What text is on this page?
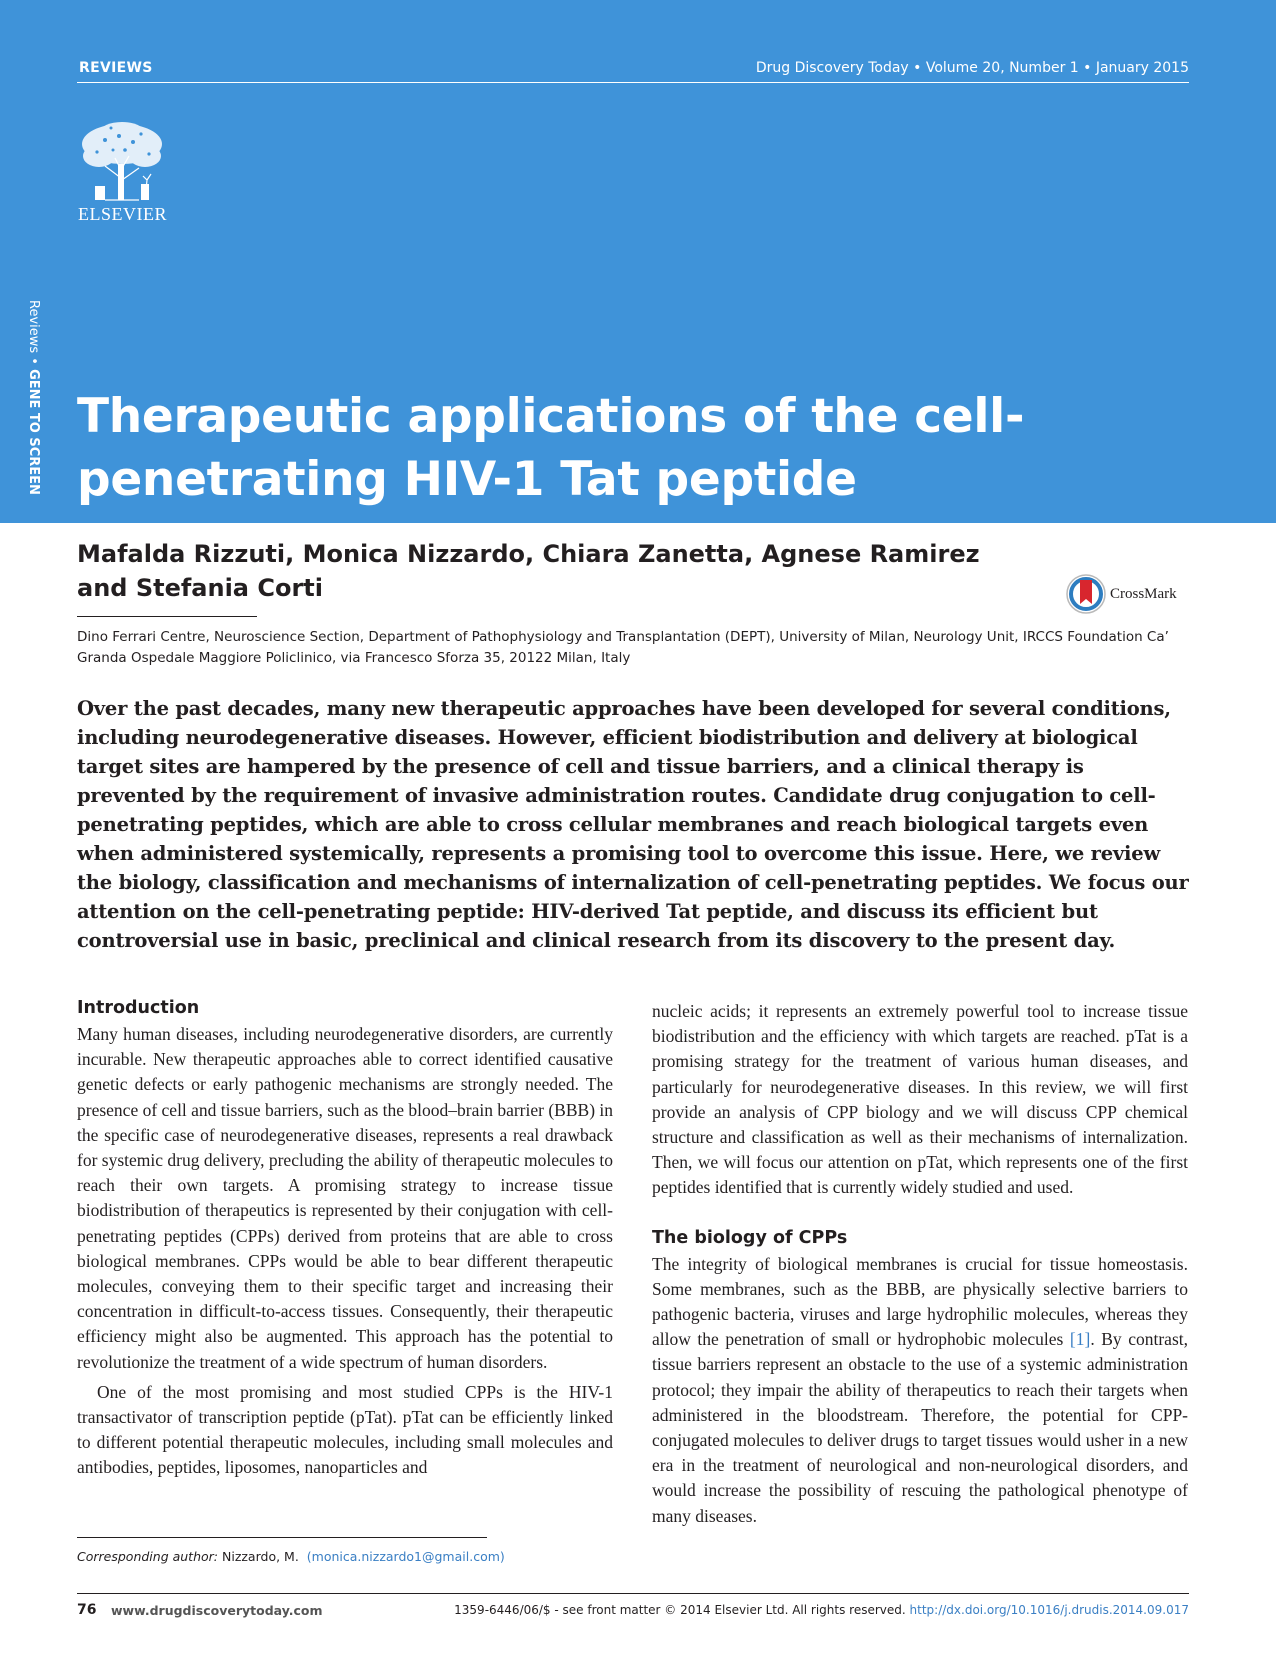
REVIEWS	Drug Discovery Today • Volume 20, Number 1 • January 2015
ELSEVIER
Reviews • GENE TO SCREEN Therapeutic applications of the cell-penetrating HIV-1 Tat peptide
Mafalda Rizzuti, Monica Nizzardo, Chiara Zanetta, Agnese Ramirez and Stefania Corti	CrossMark
Dino Ferrari Centre, Neuroscience Section, Department of Pathophysiology and Transplantation (DEPT), University of Milan, Neurology Unit, IRCCS Foundation Ca’ Granda Ospedale Maggiore Policlinico, via Francesco Sforza 35, 20122 Milan, Italy

Over the past decades, many new therapeutic approaches have been developed for several conditions, including neurodegenerative diseases. However, efficient biodistribution and delivery at biological target sites are hampered by the presence of cell and tissue barriers, and a clinical therapy is prevented by the requirement of invasive administration routes. Candidate drug conjugation to cell-penetrating peptides, which are able to cross cellular membranes and reach biological targets even when administered systemically, represents a promising tool to overcome this issue. Here, we review the biology, classification and mechanisms of internalization of cell-penetrating peptides. We focus our attention on the cell-penetrating peptide: HIV-derived Tat peptide, and discuss its efficient but controversial use in basic, preclinical and clinical research from its discovery to the present day.

Introduction

Many human diseases, including neurodegenerative disorders, are currently incurable. New therapeutic approaches able to correct identified causative genetic defects or early pathogenic mechanisms are strongly needed. The presence of cell and tissue barriers, such as the blood–brain barrier (BBB) in the specific case of neurodegenerative diseases, represents a real drawback for systemic drug delivery, precluding the ability of therapeutic molecules to reach their own targets. A promising strategy to increase tissue biodistribution of therapeutics is represented by their conjugation with cell-penetrating peptides (CPPs) derived from proteins that are able to cross biological membranes. CPPs would be able to bear different therapeutic molecules, conveying them to their specific target and increasing their concentration in difficult-to-access tissues. Consequently, their therapeutic efficiency might also be augmented. This approach has the potential to revolutionize the treatment of a wide spectrum of human disorders.

One of the most promising and most studied CPPs is the HIV-1 transactivator of transcription peptide (pTat). pTat can be efficiently linked to different potential therapeutic molecules, including small molecules and antibodies, peptides, liposomes, nanoparticles and

nucleic acids; it represents an extremely powerful tool to increase tissue biodistribution and the efficiency with which targets are reached. pTat is a promising strategy for the treatment of various human diseases, and particularly for neurodegenerative diseases. In this review, we will first provide an analysis of CPP biology and we will discuss CPP chemical structure and classification as well as their mechanisms of internalization. Then, we will focus our attention on pTat, which represents one of the first peptides identified that is currently widely studied and used.

The biology of CPPs

The integrity of biological membranes is crucial for tissue homeostasis. Some membranes, such as the BBB, are physically selective barriers to pathogenic bacteria, viruses and large hydrophilic molecules, whereas they allow the penetration of small or hydrophobic molecules [1]. By contrast, tissue barriers represent an obstacle to the use of a systemic administration protocol; they impair the ability of therapeutics to reach their targets when administered in the bloodstream. Therefore, the potential for CPP-conjugated molecules to deliver drugs to target tissues would usher in a new era in the treatment of neurological and non-neurological disorders, and would increase the possibility of rescuing the pathological phenotype of many diseases.

Corresponding author: Nizzardo, M. (monica.nizzardo1@gmail.com)
76 www.drugdiscoverytoday.com	1359-6446/06/$ - see front matter © 2014 Elsevier Ltd. All rights reserved. http://dx.doi.org/10.1016/j.drudis.2014.09.017
